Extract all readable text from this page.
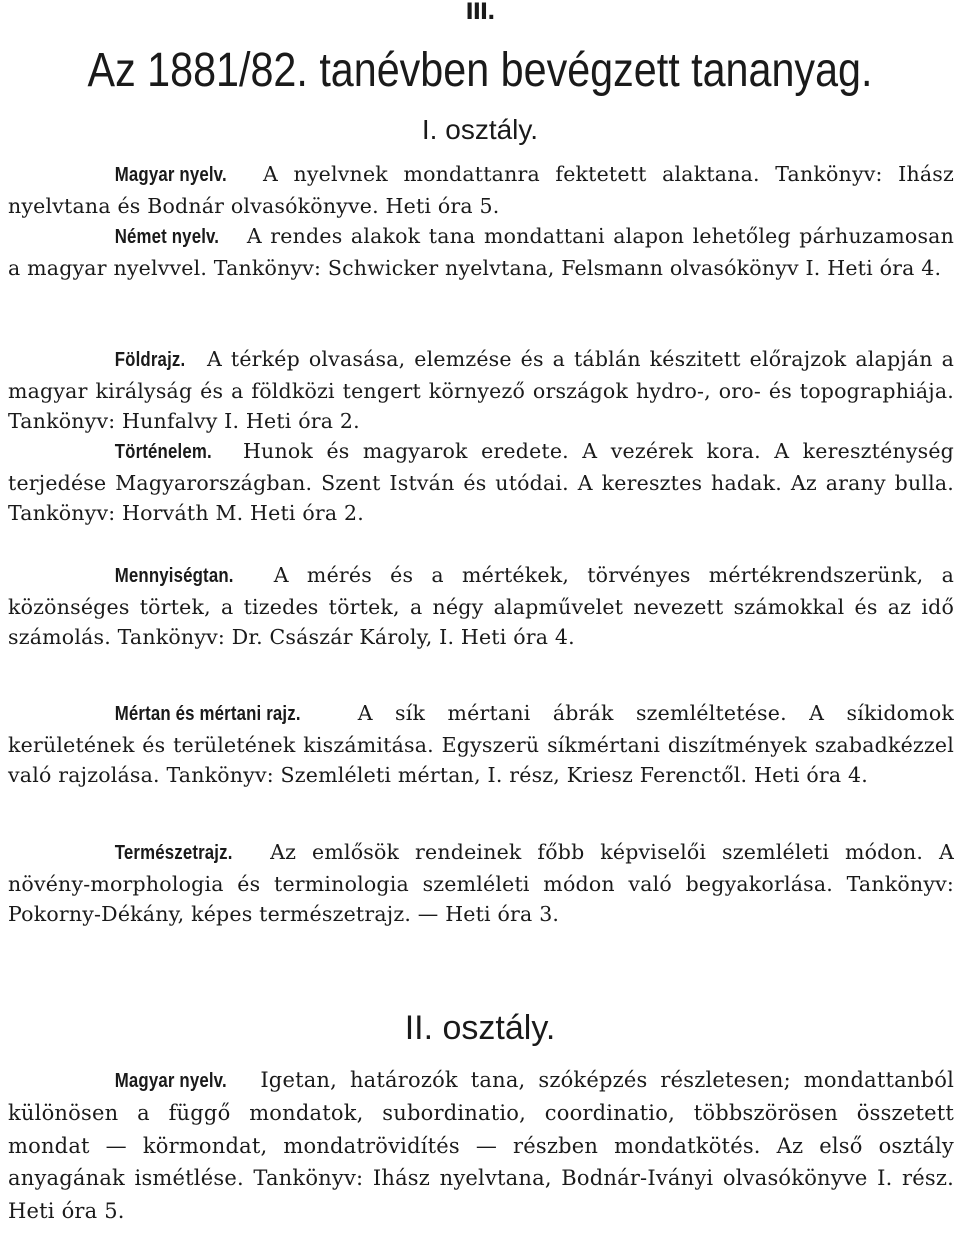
III.
Az 1881/82. tanévben bevégzett tananyag.
I. osztály.

Magyar nyelv. A nyelvnek mondattanra fektetett alaktana. Tankönyv: Ihász nyelvtana és Bodnár olvasókönyve. Heti óra 5.

Német nyelv. A rendes alakok tana mondattani alapon lehetőleg párhuzamosan a magyar nyelvvel. Tankönyv: Schwicker nyelvtana, Felsmann olvasókönyv I. Heti óra 4.

Földrajz. A térkép olvasása, elemzése és a táblán készitett előrajzok alapján a magyar királyság és a földközi tengert környező országok hydro-, oro- és topographiája. Tankönyv: Hunfalvy I. Heti óra 2.

Történelem. Hunok és magyarok eredete. A vezérek kora. A kereszténység terjedése Magyarországban. Szent István és utódai. A keresztes hadak. Az arany bulla. Tankönyv: Horváth M. Heti óra 2.

Mennyiségtan. A mérés és a mértékek, törvényes mértékrendszerünk, a közönséges törtek, a tizedes törtek, a négy alapművelet nevezett számokkal és az idő számolás. Tankönyv: Dr. Császár Károly, I. Heti óra 4.

Mértan és mértani rajz.	A sík mértani ábrák szemléltetése. A síkidomok kerületének és területének kiszámitása. Egyszerü síkmértani diszítmények szabadkézzel való rajzolása. Tankönyv: Szemléleti mértan, I. rész, Kriesz Ferenctől. Heti óra 4.

Természetrajz. Az emlősök rendeinek főbb képviselői szemléleti módon. A növény-morphologia és terminologia szemléleti módon való begyakorlása. Tankönyv: Pokorny-Dékány, képes természetrajz. — Heti óra 3.

II. osztály.

Magyar nyelv. Igetan, határozók tana, szóképzés részletesen; mondattanból különösen a függő mondatok, subordinatio, coordinatio, többszörösen összetett mondat — körmondat, mondatrövidítés — részben mondatkötés. Az első osztály anyagának ismétlése. Tankönyv: Ihász nyelvtana, Bodnár-Iványi olvasókönyve I. rész. Heti óra 5.
